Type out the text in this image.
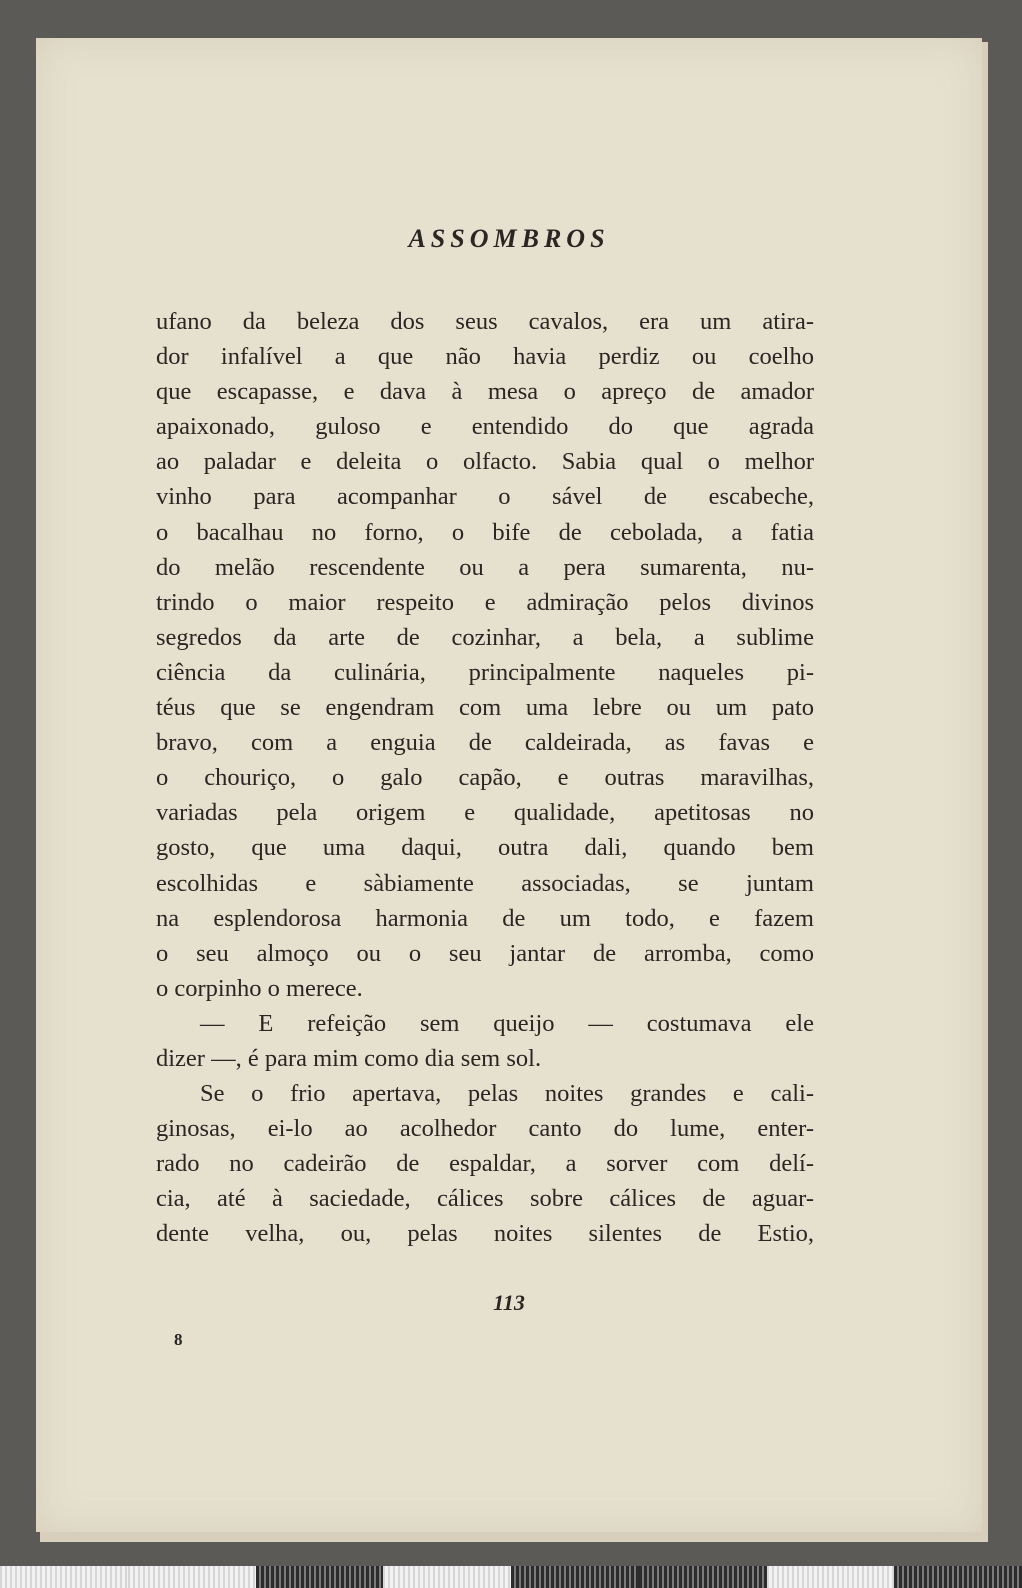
ASSOMBROS
ufano da beleza dos seus cavalos, era um atira-
dor infalível a que não havia perdiz ou coelho
que escapasse, e dava à mesa o apreço de amador
apaixonado, guloso e entendido do que agrada
ao paladar e deleita o olfacto. Sabia qual o melhor
vinho para acompanhar o sável de escabeche,
o bacalhau no forno, o bife de cebolada, a fatia
do melão rescendente ou a pera sumarenta, nu-
trindo o maior respeito e admiração pelos divinos
segredos da arte de cozinhar, a bela, a sublime
ciência da culinária, principalmente naqueles pi-
téus que se engendram com uma lebre ou um pato
bravo, com a enguia de caldeirada, as favas e
o chouriço, o galo capão, e outras maravilhas,
variadas pela origem e qualidade, apetitosas no
gosto, que uma daqui, outra dali, quando bem
escolhidas e sàbiamente associadas, se juntam
na esplendorosa harmonia de um todo, e fazem
o seu almoço ou o seu jantar de arromba, como
o corpinho o merece.
— E refeição sem queijo — costumava ele
dizer —, é para mim como dia sem sol.
Se o frio apertava, pelas noites grandes e cali-
ginosas, ei-lo ao acolhedor canto do lume, enter-
rado no cadeirão de espaldar, a sorver com delí-
cia, até à saciedade, cálices sobre cálices de aguar-
dente velha, ou, pelas noites silentes de Estio,
113
8
